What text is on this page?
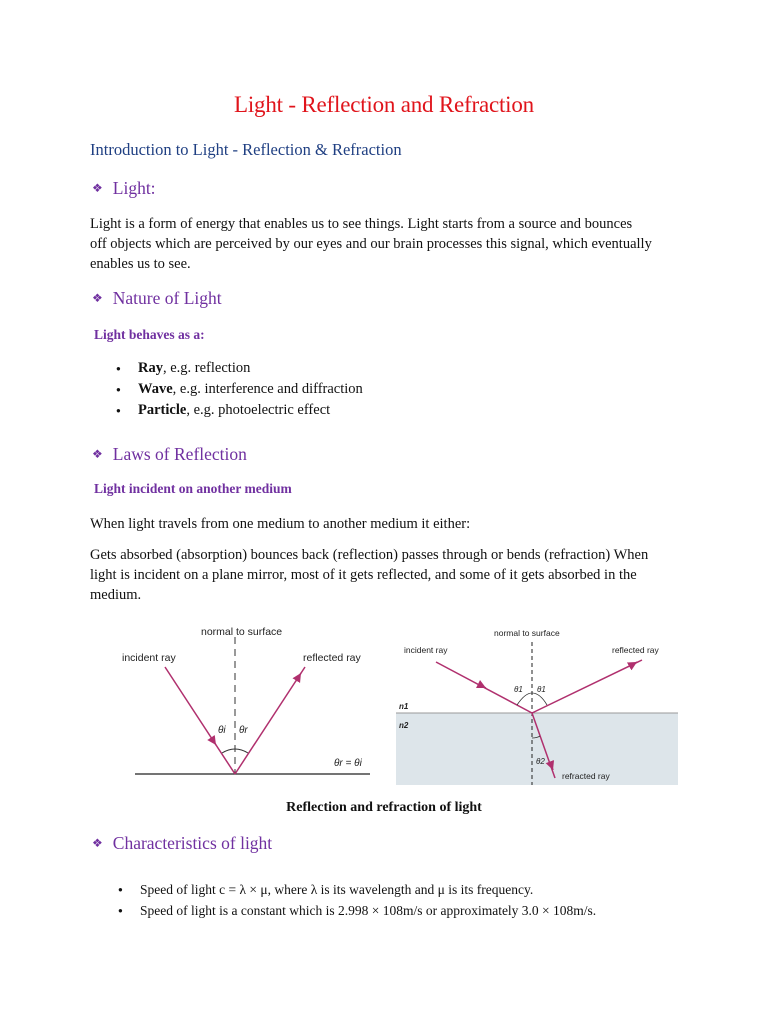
Light - Reflection and Refraction
Introduction to Light - Reflection & Refraction
❖ Light:
Light is a form of energy that enables us to see things. Light starts from a source and bounces
off objects which are perceived by our eyes and our brain processes this signal, which eventually
enables us to see.
❖ Nature of Light
Light behaves as a:
● Ray, e.g. reflection
● Wave, e.g. interference and diffraction
● Particle, e.g. photoelectric effect
❖ Laws of Reflection
Light incident on another medium
When light travels from one medium to another medium it either:
Gets absorbed (absorption) bounces back (reflection) passes through or bends (refraction) When
light is incident on a plane mirror, most of it gets reflected, and some of it gets absorbed in the
medium.
normal to surface
incident ray	reflected ray
θi θr
θr = θi
normal to surface
incident ray	reflected ray
refracted ray
n1
n2
θ1 θ1
θ2
Reflection and refraction of light
❖ Characteristics of light
● Speed of light c = λ × μ, where λ is its wavelength and μ is its frequency.
● Speed of light is a constant which is 2.998 × 108m/s or approximately 3.0 × 108m/s.
